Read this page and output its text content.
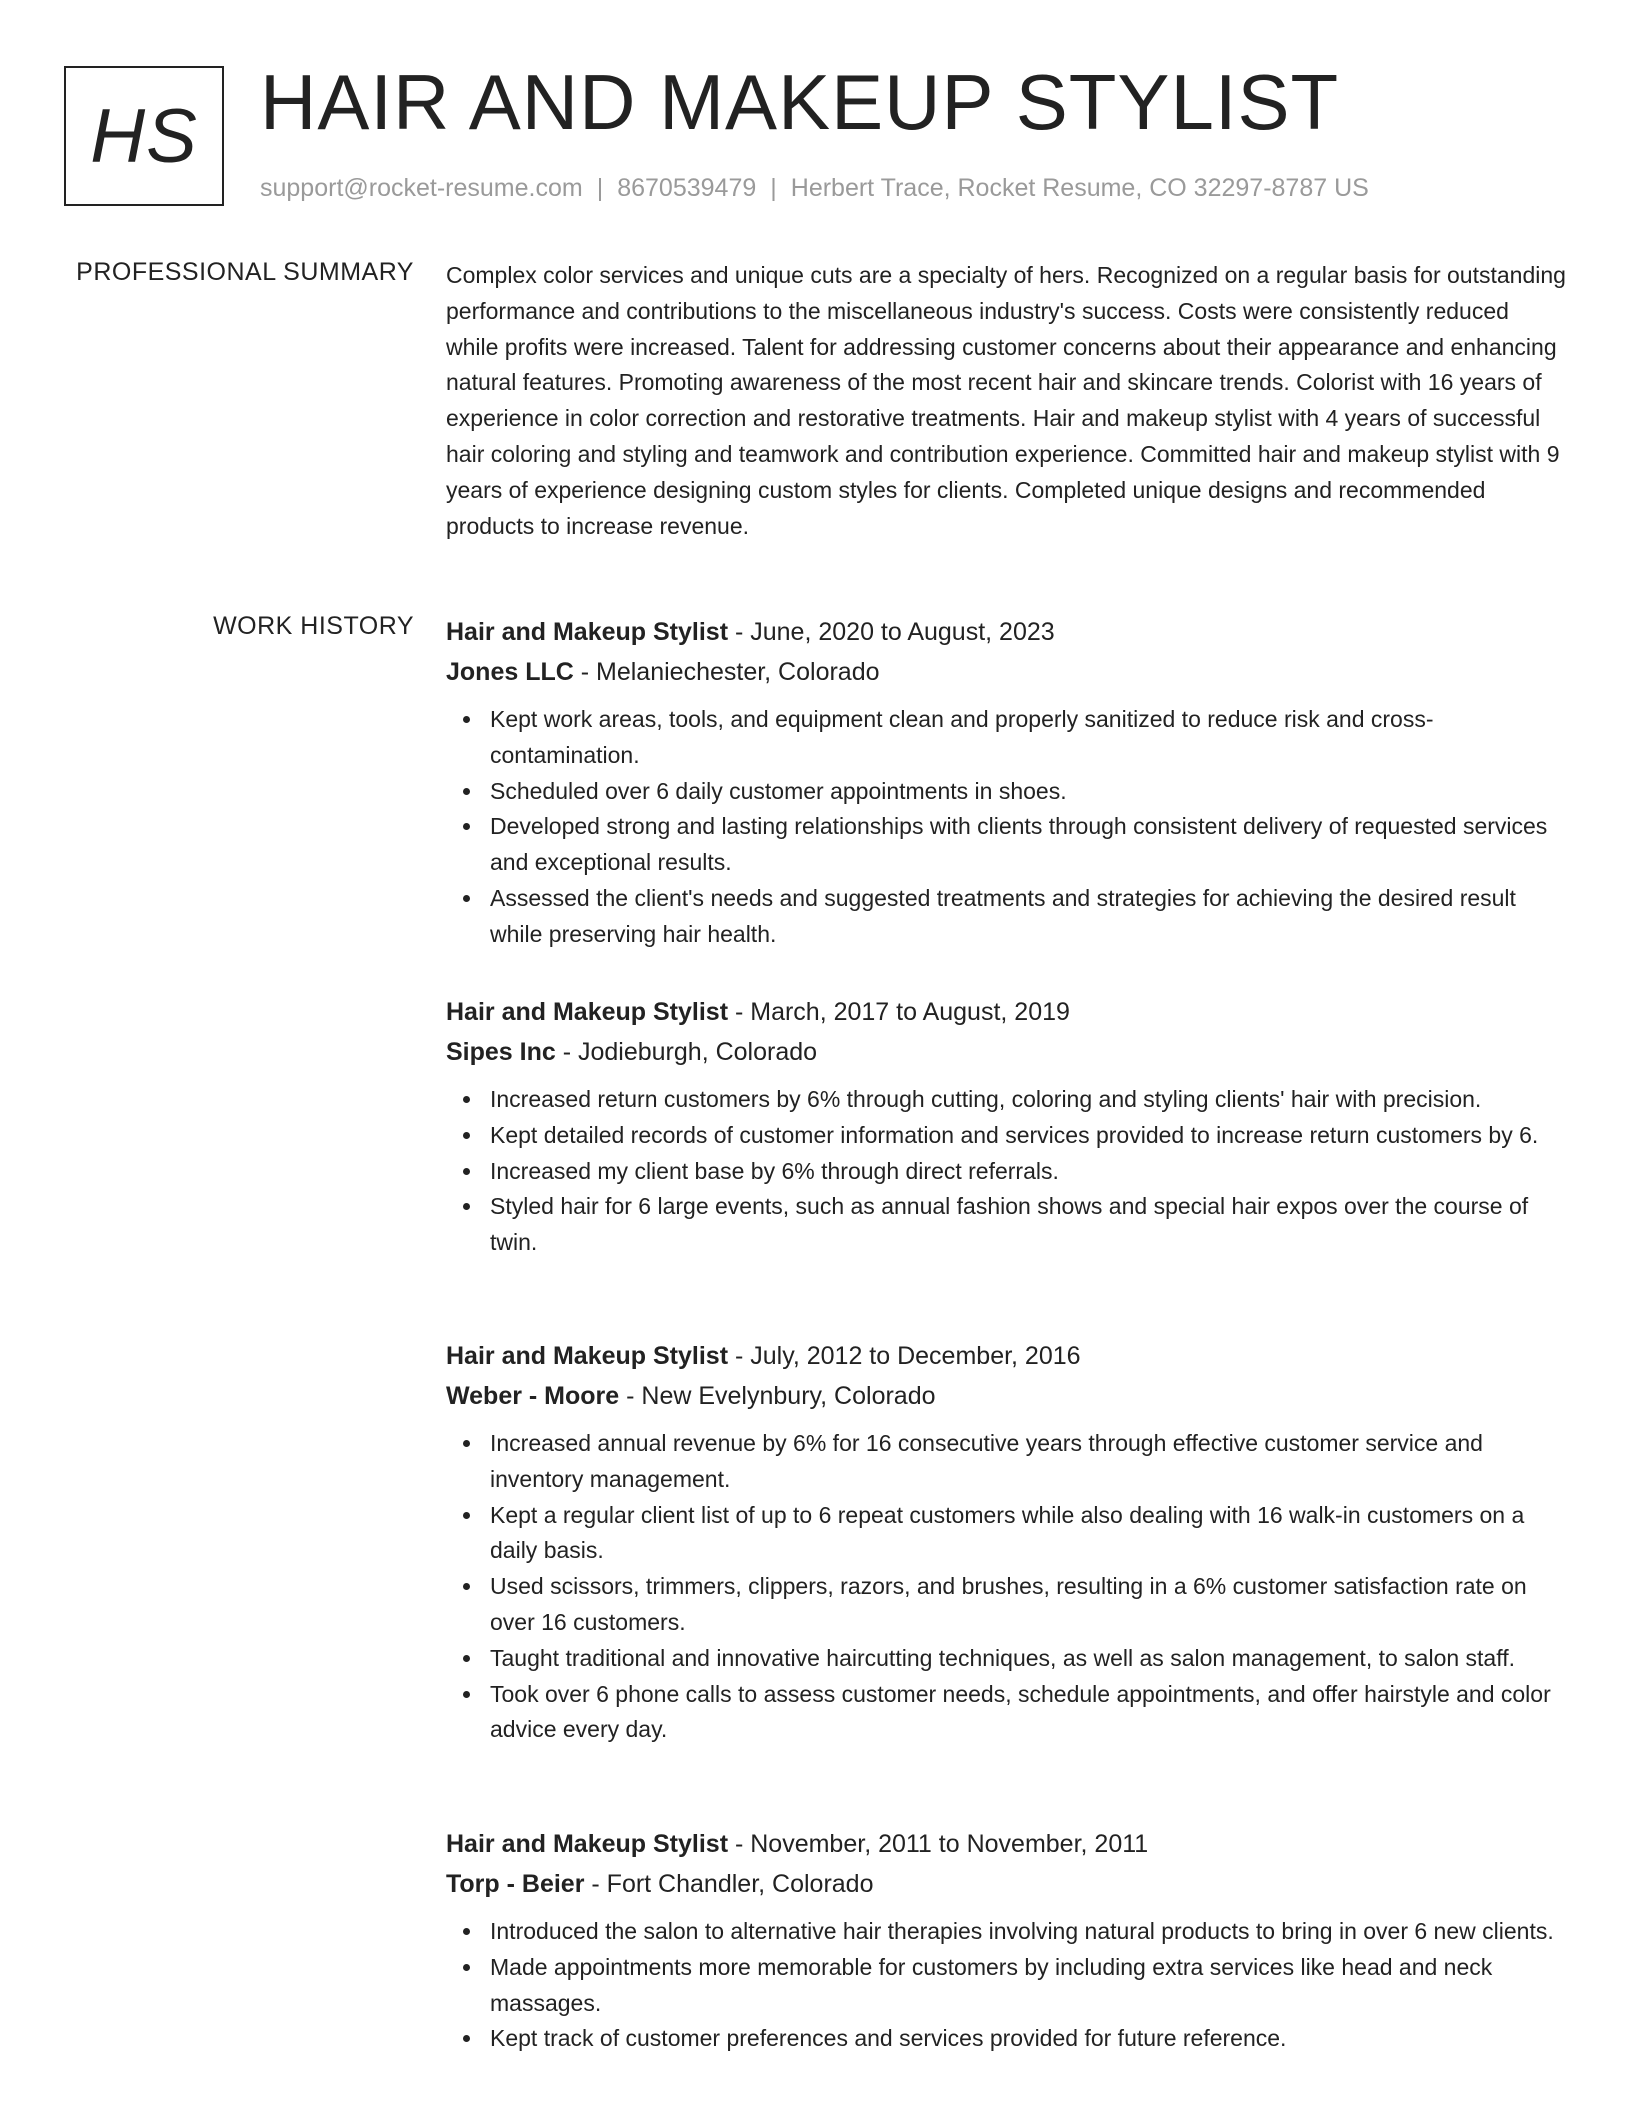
HS HAIR AND MAKEUP STYLIST
support@rocket-resume.com | 8670539479 | Herbert Trace, Rocket Resume, CO 32297-8787 US
PROFESSIONAL SUMMARY Complex color services and unique cuts are a specialty of hers. Recognized on a regular basis for outstanding performance and contributions to the miscellaneous industry's success. Costs were consistently reduced while profits were increased. Talent for addressing customer concerns about their appearance and enhancing natural features. Promoting awareness of the most recent hair and skincare trends. Colorist with 16 years of experience in color correction and restorative treatments. Hair and makeup stylist with 4 years of successful hair coloring and styling and teamwork and contribution experience. Committed hair and makeup stylist with 9 years of experience designing custom styles for clients. Completed unique designs and recommended products to increase revenue.

WORK HISTORY Hair and Makeup Stylist - June, 2020 to August, 2023
Jones LLC - Melaniechester, Colorado
Kept work areas, tools, and equipment clean and properly sanitized to reduce risk and cross-contamination.
Scheduled over 6 daily customer appointments in shoes.
Developed strong and lasting relationships with clients through consistent delivery of requested services and exceptional results.
Assessed the client's needs and suggested treatments and strategies for achieving the desired result while preserving hair health.
Hair and Makeup Stylist - March, 2017 to August, 2019
Sipes Inc - Jodieburgh, Colorado
Increased return customers by 6% through cutting, coloring and styling clients' hair with precision.
Kept detailed records of customer information and services provided to increase return customers by 6.
Increased my client base by 6% through direct referrals.
Styled hair for 6 large events, such as annual fashion shows and special hair expos over the course of twin.
Hair and Makeup Stylist - July, 2012 to December, 2016
Weber - Moore - New Evelynbury, Colorado
Increased annual revenue by 6% for 16 consecutive years through effective customer service and inventory management.
Kept a regular client list of up to 6 repeat customers while also dealing with 16 walk-in customers on a daily basis.
Used scissors, trimmers, clippers, razors, and brushes, resulting in a 6% customer satisfaction rate on over 16 customers.
Taught traditional and innovative haircutting techniques, as well as salon management, to salon staff.
Took over 6 phone calls to assess customer needs, schedule appointments, and offer hairstyle and color advice every day.
Hair and Makeup Stylist - November, 2011 to November, 2011
Torp - Beier - Fort Chandler, Colorado
Introduced the salon to alternative hair therapies involving natural products to bring in over 6 new clients.
Made appointments more memorable for customers by including extra services like head and neck massages.
Kept track of customer preferences and services provided for future reference.
